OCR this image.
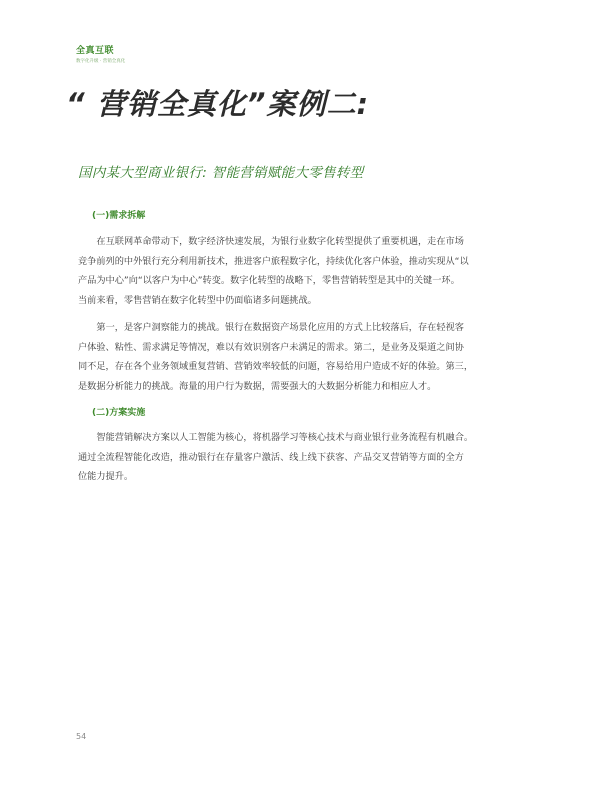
全真互联
数字化升级 · 营销全真化
“ 营销全真化”案例二:
国内某大型商业银行: 智能营销赋能大零售转型
(一)需求拆解

在互联网革命带动下，数字经济快速发展，为银行业数字化转型提供了重要机遇，走在市场
竞争前列的中外银行充分利用新技术，推进客户旅程数字化，持续优化客户体验，推动实现从“以
产品为中心”向“以客户为中心”转变。数字化转型的战略下，零售营销转型是其中的关键一环。
当前来看，零售营销在数字化转型中仍面临诸多问题挑战。

第一，是客户洞察能力的挑战。银行在数据资产场景化应用的方式上比较落后，存在轻视客
户体验、粘性、需求满足等情况，难以有效识别客户未满足的需求。第二，是业务及渠道之间协
同不足，存在各个业务领域重复营销、营销效率较低的问题，容易给用户造成不好的体验。第三，
是数据分析能力的挑战。海量的用户行为数据，需要强大的大数据分析能力和相应人才。

(二)方案实施

智能营销解决方案以人工智能为核心，将机器学习等核心技术与商业银行业务流程有机融合。
通过全流程智能化改造，推动银行在存量客户激活、线上线下获客、产品交叉营销等方面的全方
位能力提升。

54
